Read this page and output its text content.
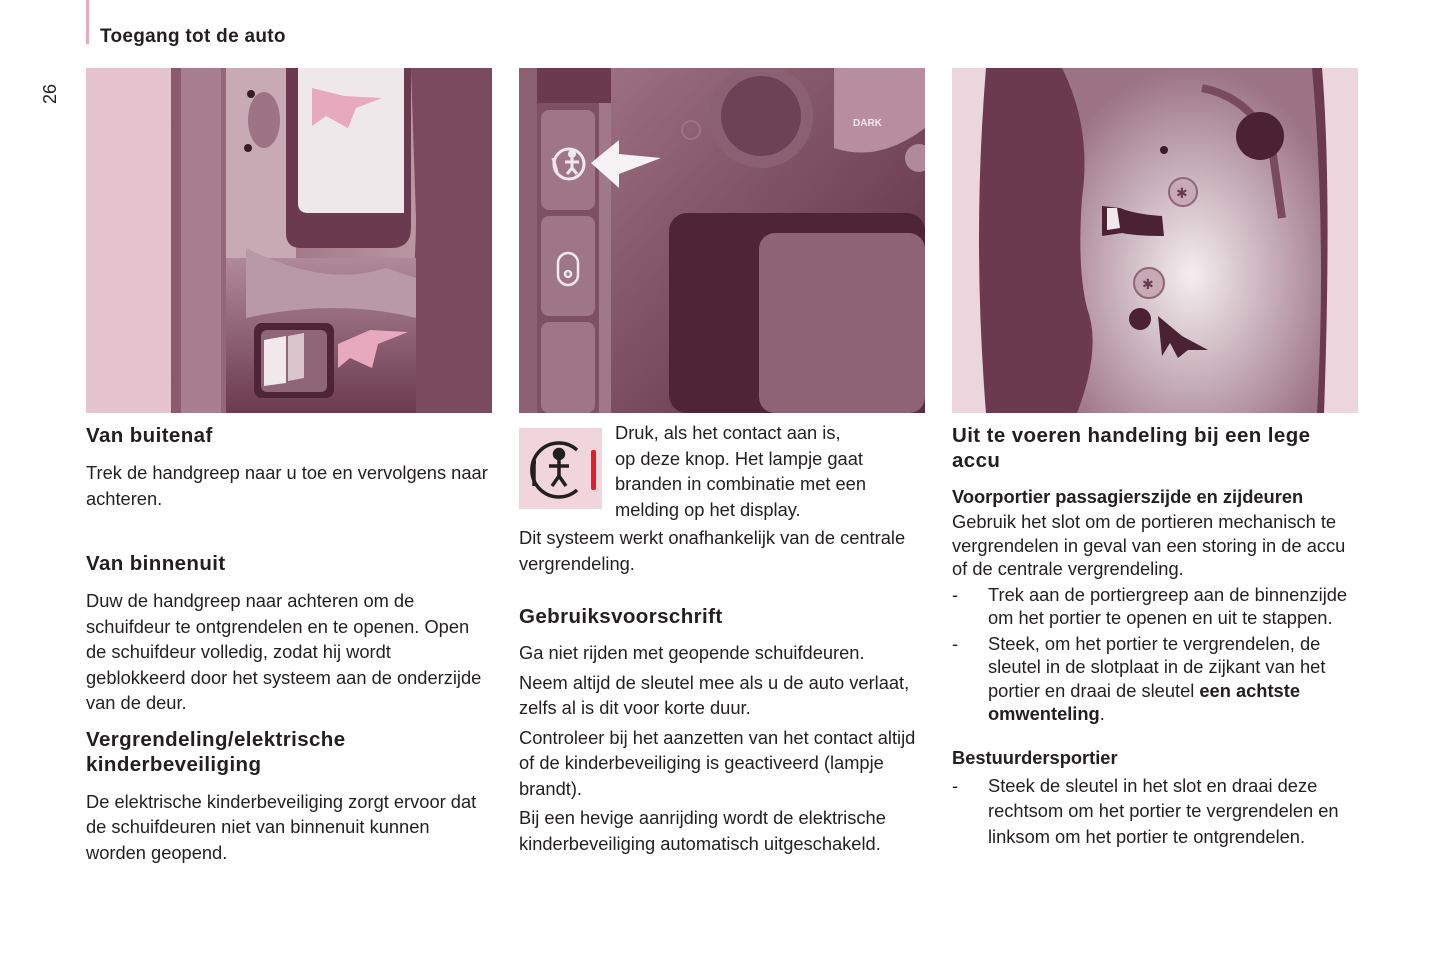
Toegang tot de auto
26
DARK
✱
✱
Van buitenaf

Trek de handgreep naar u toe en vervolgens naar achteren.

Van binnenuit

Duw de handgreep naar achteren om de schuifdeur te ontgrendelen en te openen. Open de schuifdeur volledig, zodat hij wordt geblokkeerd door het systeem aan de onderzijde van de deur.

Vergrendeling/elektrische kinderbeveiliging

De elektrische kinderbeveiliging zorgt ervoor dat de schuifdeuren niet van binnenuit kunnen worden geopend.

Druk, als het contact aan is,
op deze knop. Het lampje gaat
branden in combinatie met een
melding op het display.

Dit systeem werkt onafhankelijk van de centrale vergrendeling.

Gebruiksvoorschrift

Ga niet rijden met geopende schuifdeuren.

Neem altijd de sleutel mee als u de auto verlaat, zelfs al is dit voor korte duur.

Controleer bij het aanzetten van het contact altijd of de kinderbeveiliging is geactiveerd (lampje brandt).

Bij een hevige aanrijding wordt de elektrische kinderbeveiliging automatisch uitgeschakeld.

Uit te voeren handeling bij een lege accu
Voorportier passagierszijde en zijdeuren

Gebruik het slot om de portieren mechanisch te vergrendelen in geval van een storing in de accu of de centrale vergrendeling.

- Trek aan de portiergreep aan de binnenzijde om het portier te openen en uit te stappen.
- Steek, om het portier te vergrendelen, de sleutel in de slotplaat in de zijkant van het portier en draai de sleutel een achtste omwenteling.
Bestuurdersportier
- Steek de sleutel in het slot en draai deze rechtsom om het portier te vergrendelen en linksom om het portier te ontgrendelen.
